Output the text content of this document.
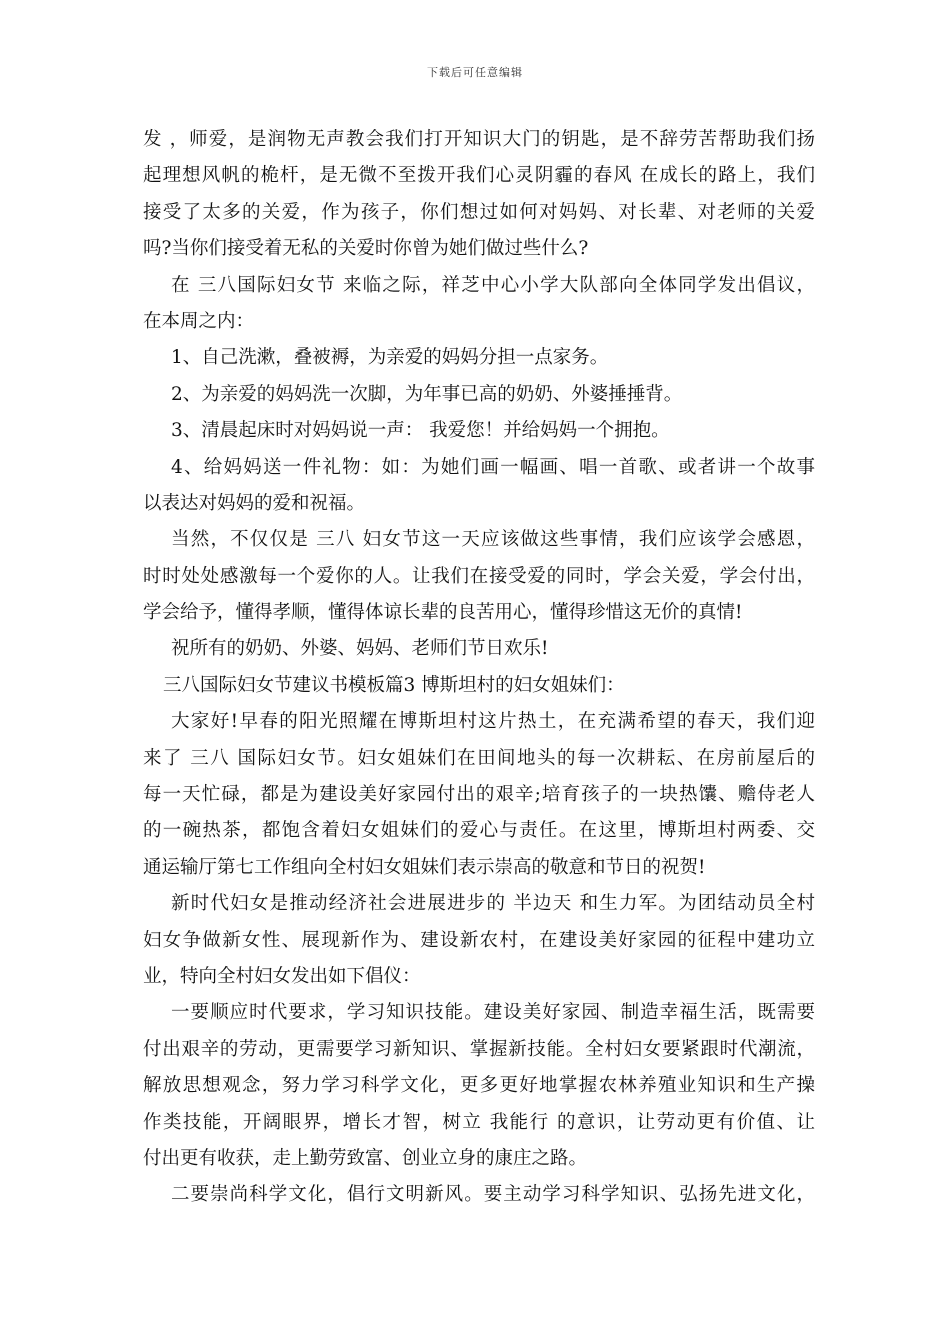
下载后可任意编辑
发 ，师爱，是润物无声教会我们打开知识大门的钥匙，是不辞劳苦帮助我们扬
起理想风帆的桅杆，是无微不至拨开我们心灵阴霾的春风 在成长的路上，我们
接受了太多的关爱，作为孩子，你们想过如何对妈妈、对长辈、对老师的关爱
吗?当你们接受着无私的关爱时你曾为她们做过些什么?
在 三八国际妇女节 来临之际，祥芝中心小学大队部向全体同学发出倡议，
在本周之内：
1、自己洗漱，叠被褥，为亲爱的妈妈分担一点家务。
2、为亲爱的妈妈洗一次脚，为年事已高的奶奶、外婆捶捶背。
3、清晨起床时对妈妈说一声： 我爱您！并给妈妈一个拥抱。
4、给妈妈送一件礼物：如：为她们画一幅画、唱一首歌、或者讲一个故事
以表达对妈妈的爱和祝福。
当然，不仅仅是 三八 妇女节这一天应该做这些事情，我们应该学会感恩，
时时处处感激每一个爱你的人。让我们在接受爱的同时，学会关爱，学会付出，
学会给予，懂得孝顺，懂得体谅长辈的良苦用心，懂得珍惜这无价的真情!
祝所有的奶奶、外婆、妈妈、老师们节日欢乐!
三八国际妇女节建议书模板篇3 博斯坦村的妇女姐妹们：
大家好!早春的阳光照耀在博斯坦村这片热土，在充满希望的春天，我们迎
来了 三八 国际妇女节。妇女姐妹们在田间地头的每一次耕耘、在房前屋后的
每一天忙碌，都是为建设美好家园付出的艰辛;培育孩子的一块热馕、赡侍老人
的一碗热茶，都饱含着妇女姐妹们的爱心与责任。在这里，博斯坦村两委、交
通运输厅第七工作组向全村妇女姐妹们表示崇高的敬意和节日的祝贺!
新时代妇女是推动经济社会进展进步的 半边天 和生力军。为团结动员全村
妇女争做新女性、展现新作为、建设新农村，在建设美好家园的征程中建功立
业，特向全村妇女发出如下倡仪：
一要顺应时代要求，学习知识技能。建设美好家园、制造幸福生活，既需要
付出艰辛的劳动，更需要学习新知识、掌握新技能。全村妇女要紧跟时代潮流，
解放思想观念，努力学习科学文化，更多更好地掌握农林养殖业知识和生产操
作类技能，开阔眼界，增长才智，树立 我能行 的意识，让劳动更有价值、让
付出更有收获，走上勤劳致富、创业立身的康庄之路。
二要崇尚科学文化，倡行文明新风。要主动学习科学知识、弘扬先进文化，
